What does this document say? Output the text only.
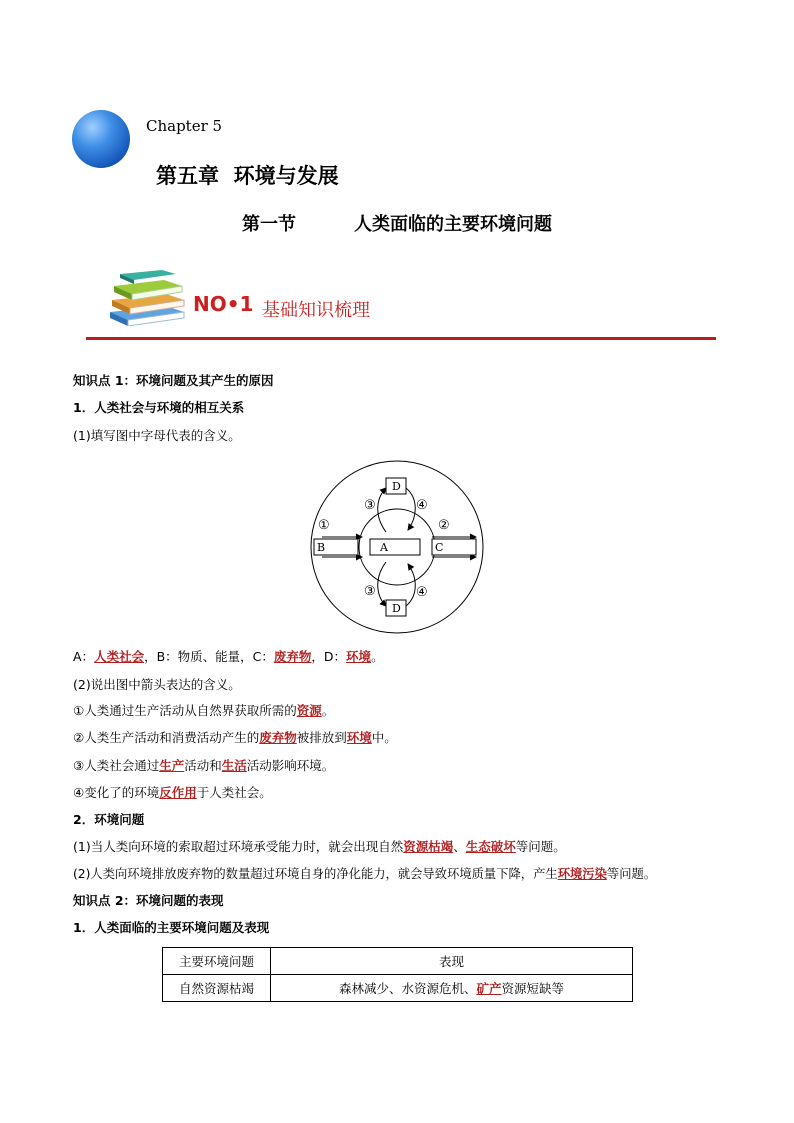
Chapter 5
第五章  环境与发展
第一节	人类面临的主要环境问题
NO•1 基础知识梳理
知识点 1：环境问题及其产生的原因
1．人类社会与环境的相互关系
(1)填写图中字母代表的含义。
B	A	C
D
D
①	②
③	④
③	④
A：人类社会，B：物质、能量，C：废弃物，D：环境。
(2)说出图中箭头表达的含义。
①人类通过生产活动从自然界获取所需的资源。
②人类生产活动和消费活动产生的废弃物被排放到环境中。
③人类社会通过生产活动和生活活动影响环境。
④变化了的环境反作用于人类社会。
2．环境问题
(1)当人类向环境的索取超过环境承受能力时，就会出现自然资源枯竭、生态破坏等问题。
(2)人类向环境排放废弃物的数量超过环境自身的净化能力，就会导致环境质量下降，产生环境污染等问题。
知识点 2：环境问题的表现
1．人类面临的主要环境问题及表现
主要环境问题	表现
自然资源枯竭	森林减少、水资源危机、矿产资源短缺等
